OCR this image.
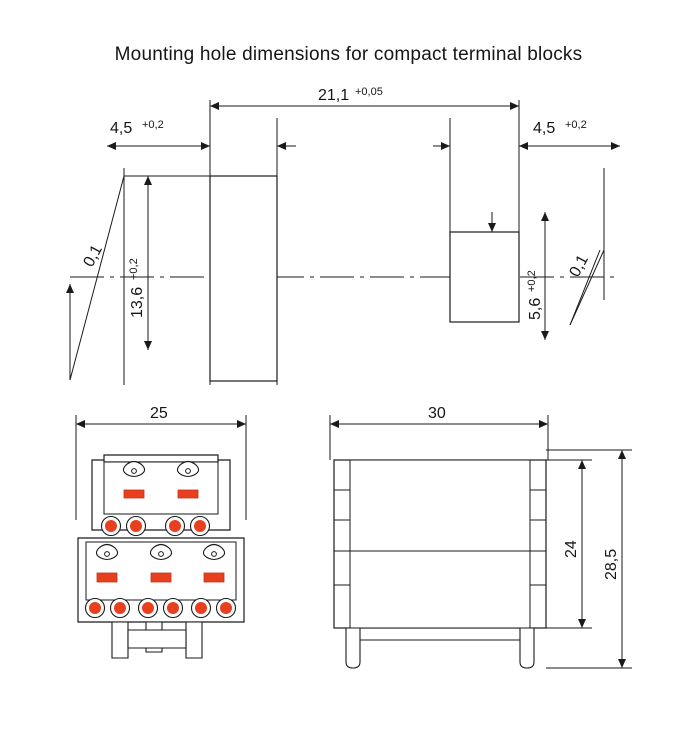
Mounting hole dimensions for compact terminal blocks
21,1 +0,05
4,5 +0,2	4,5 +0,2
13,6
+0,2
5,6
+0,2
0,1	0,1
25	30
24 28,5
